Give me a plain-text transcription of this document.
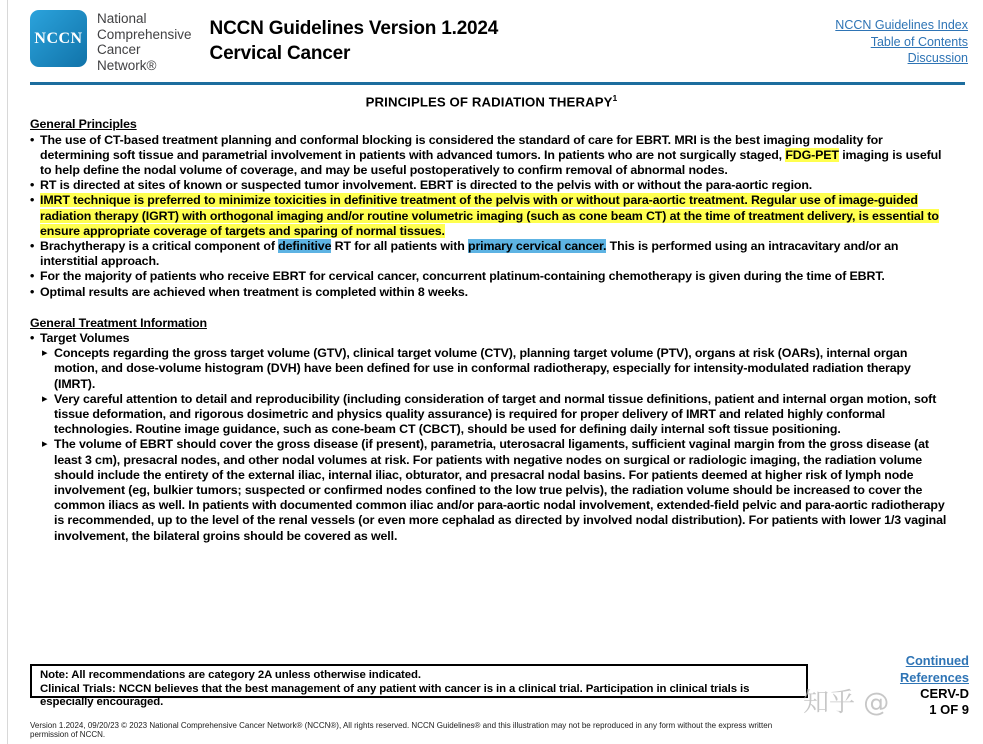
NCCN
National
Comprehensive
Cancer
Network®
NCCN Guidelines Version 1.2024
Cervical Cancer
NCCN Guidelines Index
Table of Contents
Discussion
PRINCIPLES OF RADIATION THERAPY$^1$
General Principles
• The use of CT-based treatment planning and conformal blocking is considered the standard of care for EBRT. MRI is the best imaging modality for determining soft tissue and parametrial involvement in patients with advanced tumors. In patients who are not surgically staged, FDG-PET imaging is useful to help define the nodal volume of coverage, and may be useful postoperatively to confirm removal of abnormal nodes.
• RT is directed at sites of known or suspected tumor involvement. EBRT is directed to the pelvis with or without the para-aortic region.
• IMRT technique is preferred to minimize toxicities in definitive treatment of the pelvis with or without para-aortic treatment. Regular use of image-guided radiation therapy (IGRT) with orthogonal imaging and/or routine volumetric imaging (such as cone beam CT) at the time of treatment delivery, is essential to ensure appropriate coverage of targets and sparing of normal tissues.
• Brachytherapy is a critical component of definitive RT for all patients with primary cervical cancer. This is performed using an intracavitary and/or an interstitial approach.
• For the majority of patients who receive EBRT for cervical cancer, concurrent platinum-containing chemotherapy is given during the time of EBRT.
• Optimal results are achieved when treatment is completed within 8 weeks.
General Treatment Information
• Target Volumes
▸ Concepts regarding the gross target volume (GTV), clinical target volume (CTV), planning target volume (PTV), organs at risk (OARs), internal organ motion, and dose-volume histogram (DVH) have been defined for use in conformal radiotherapy, especially for intensity-modulated radiation therapy (IMRT).
▸ Very careful attention to detail and reproducibility (including consideration of target and normal tissue definitions, patient and internal organ motion, soft tissue deformation, and rigorous dosimetric and physics quality assurance) is required for proper delivery of IMRT and related highly conformal technologies. Routine image guidance, such as cone-beam CT (CBCT), should be used for defining daily internal soft tissue positioning.
▸ The volume of EBRT should cover the gross disease (if present), parametria, uterosacral ligaments, sufficient vaginal margin from the gross disease (at least 3 cm), presacral nodes, and other nodal volumes at risk. For patients with negative nodes on surgical or radiologic imaging, the radiation volume should include the entirety of the external iliac, internal iliac, obturator, and presacral nodal basins. For patients deemed at higher risk of lymph node involvement (eg, bulkier tumors; suspected or confirmed nodes confined to the low true pelvis), the radiation volume should be increased to cover the common iliacs as well. In patients with documented common iliac and/or para-aortic nodal involvement, extended-field pelvic and para-aortic radiotherapy is recommended, up to the level of the renal vessels (or even more cephalad as directed by involved nodal distribution). For patients with lower 1/3 vaginal involvement, the bilateral groins should be covered as well.
Note: All recommendations are category 2A unless otherwise indicated.
Clinical Trials: NCCN believes that the best management of any patient with cancer is in a clinical trial. Participation in clinical trials is especially encouraged.
Continued
References
知乎 @ CERV-D
1 OF 9
Version 1.2024, 09/20/23 © 2023 National Comprehensive Cancer Network® (NCCN®), All rights reserved. NCCN Guidelines® and this illustration may not be reproduced in any form without the express written permission of NCCN.
